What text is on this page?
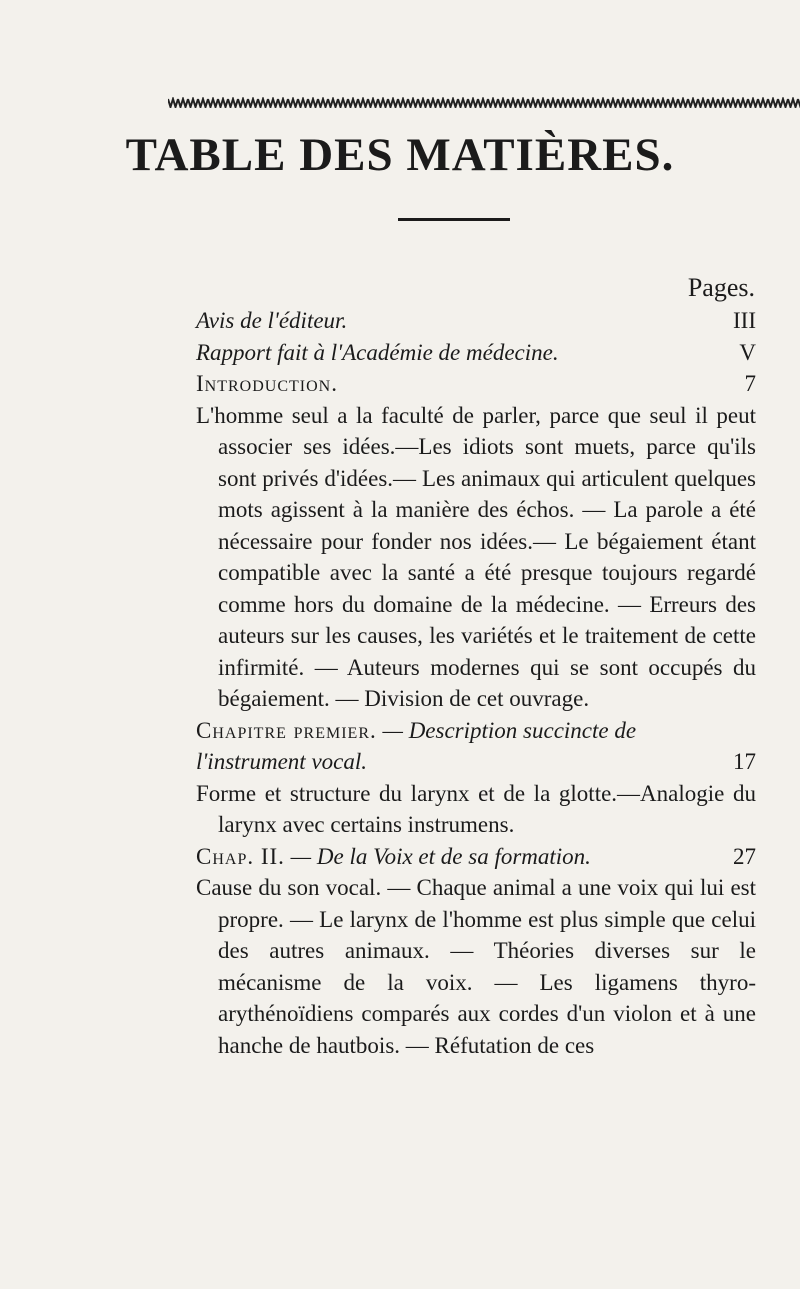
TABLE DES MATIÈRES.
Pages.
Avis de l'éditeur.	III
Rapport fait à l'Académie de médecine.	V
Introduction.	7
L'homme seul a la faculté de parler, parce que seul il peut associer ses idées.—Les idiots sont muets, parce qu'ils sont privés d'idées.— Les animaux qui articulent quelques mots agissent à la manière des échos. — La parole a été nécessaire pour fonder nos idées.— Le bégaiement étant compatible avec la santé a été presque toujours regardé comme hors du domaine de la médecine. — Erreurs des auteurs sur les causes, les variétés et le traitement de cette infirmité. — Auteurs modernes qui se sont occupés du bégaiement. — Division de cet ouvrage.
Chapitre premier. — Description succincte de l'instrument vocal.	17
Forme et structure du larynx et de la glotte.—Analogie du larynx avec certains instrumens.
Chap. II. — De la Voix et de sa formation.	27
Cause du son vocal. — Chaque animal a une voix qui lui est propre. — Le larynx de l'homme est plus simple que celui des autres animaux. — Théories diverses sur le mécanisme de la voix. — Les ligamens thyro-arythénoïdiens comparés aux cordes d'un violon et à une hanche de hautbois. — Réfutation de ces
